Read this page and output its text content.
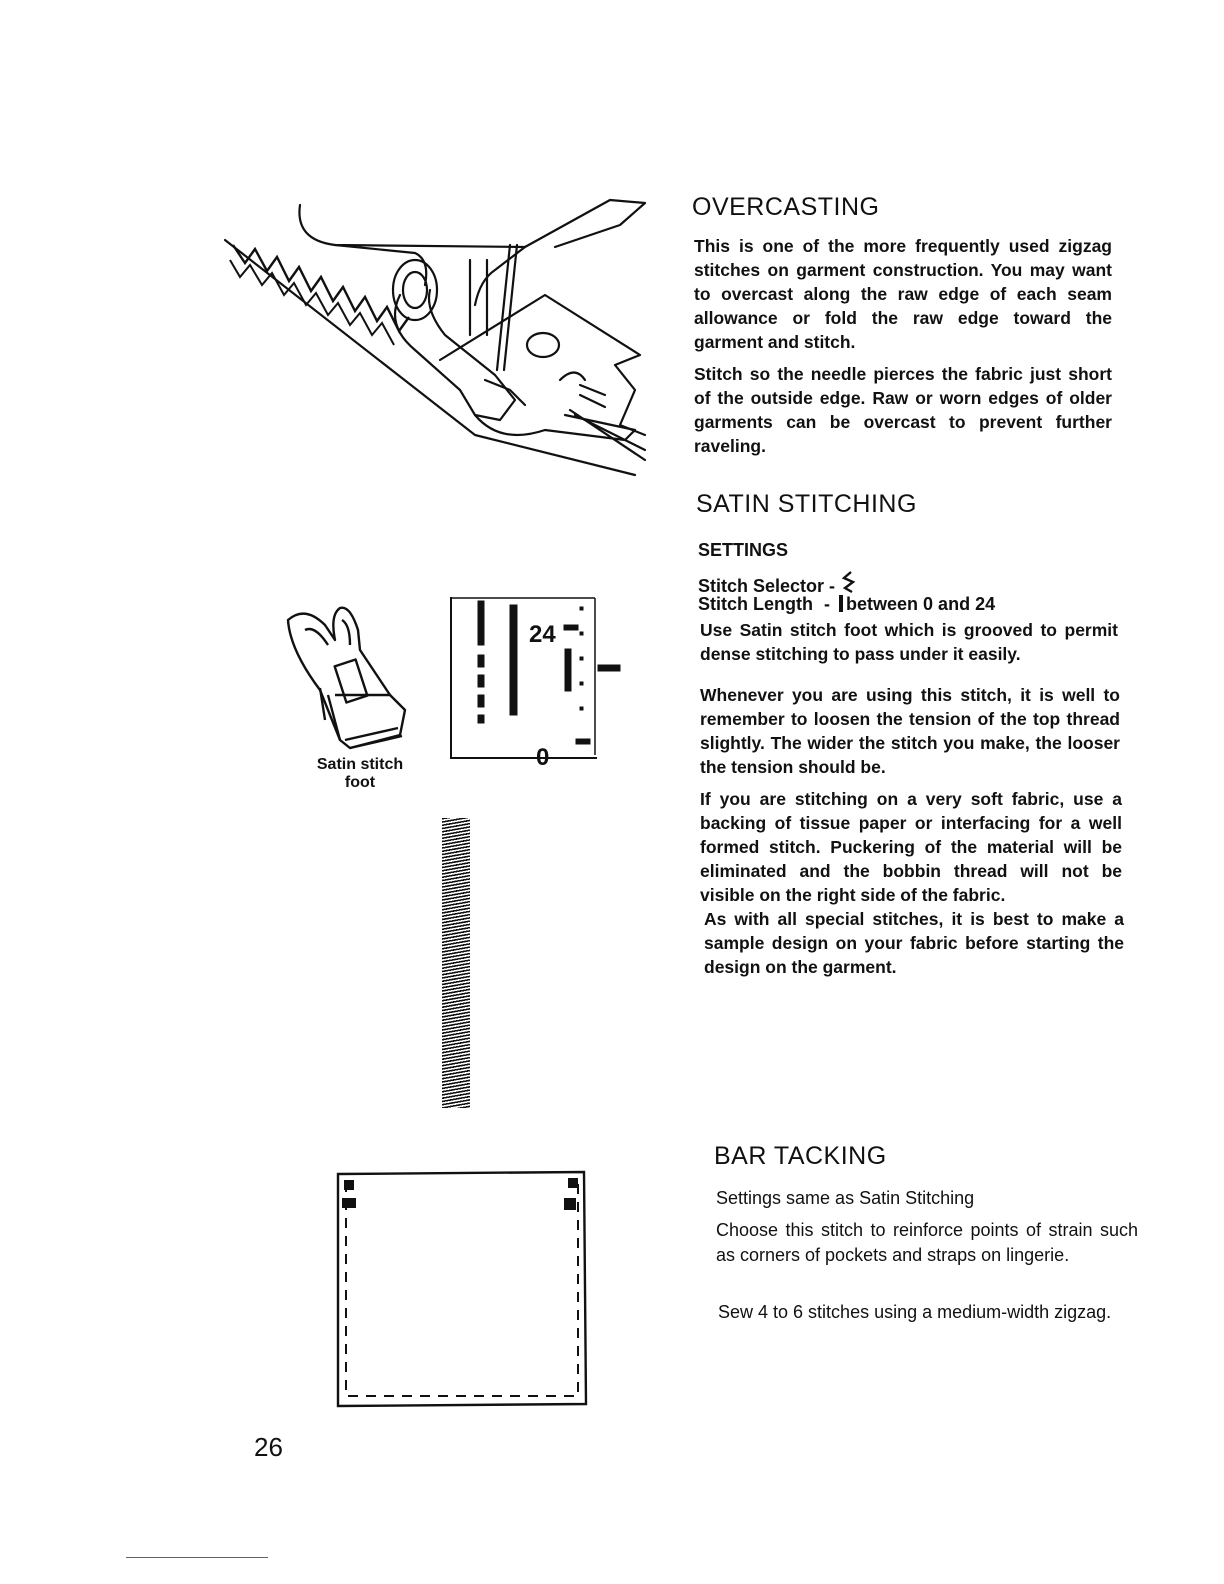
OVERCASTING
This is one of the more frequently used zigzag stitches on garment construction. You may want to overcast along the raw edge of each seam allowance or fold the raw edge toward the garment and stitch.
Stitch so the needle pierces the fabric just short of the outside edge. Raw or worn edges of older garments can be overcast to prevent further raveling.
SATIN STITCHING
SETTINGS
Stitch Selector -
Stitch Length - between 0 and 24
Use Satin stitch foot which is grooved to permit dense stitching to pass under it easily.
Whenever you are using this stitch, it is well to remember to loosen the tension of the top thread slightly. The wider the stitch you make, the looser the tension should be.
If you are stitching on a very soft fabric, use a backing of tissue paper or interfacing for a well formed stitch. Puckering of the material will be eliminated and the bobbin thread will not be visible on the right side of the fabric.
As with all special stitches, it is best to make a sample design on your fabric before starting the design on the garment.
Satin stitch
foot
24
0
BAR TACKING
Settings same as Satin Stitching
Choose this stitch to reinforce points of strain such as corners of pockets and straps on lingerie.
Sew 4 to 6 stitches using a medium-width zigzag.
26
